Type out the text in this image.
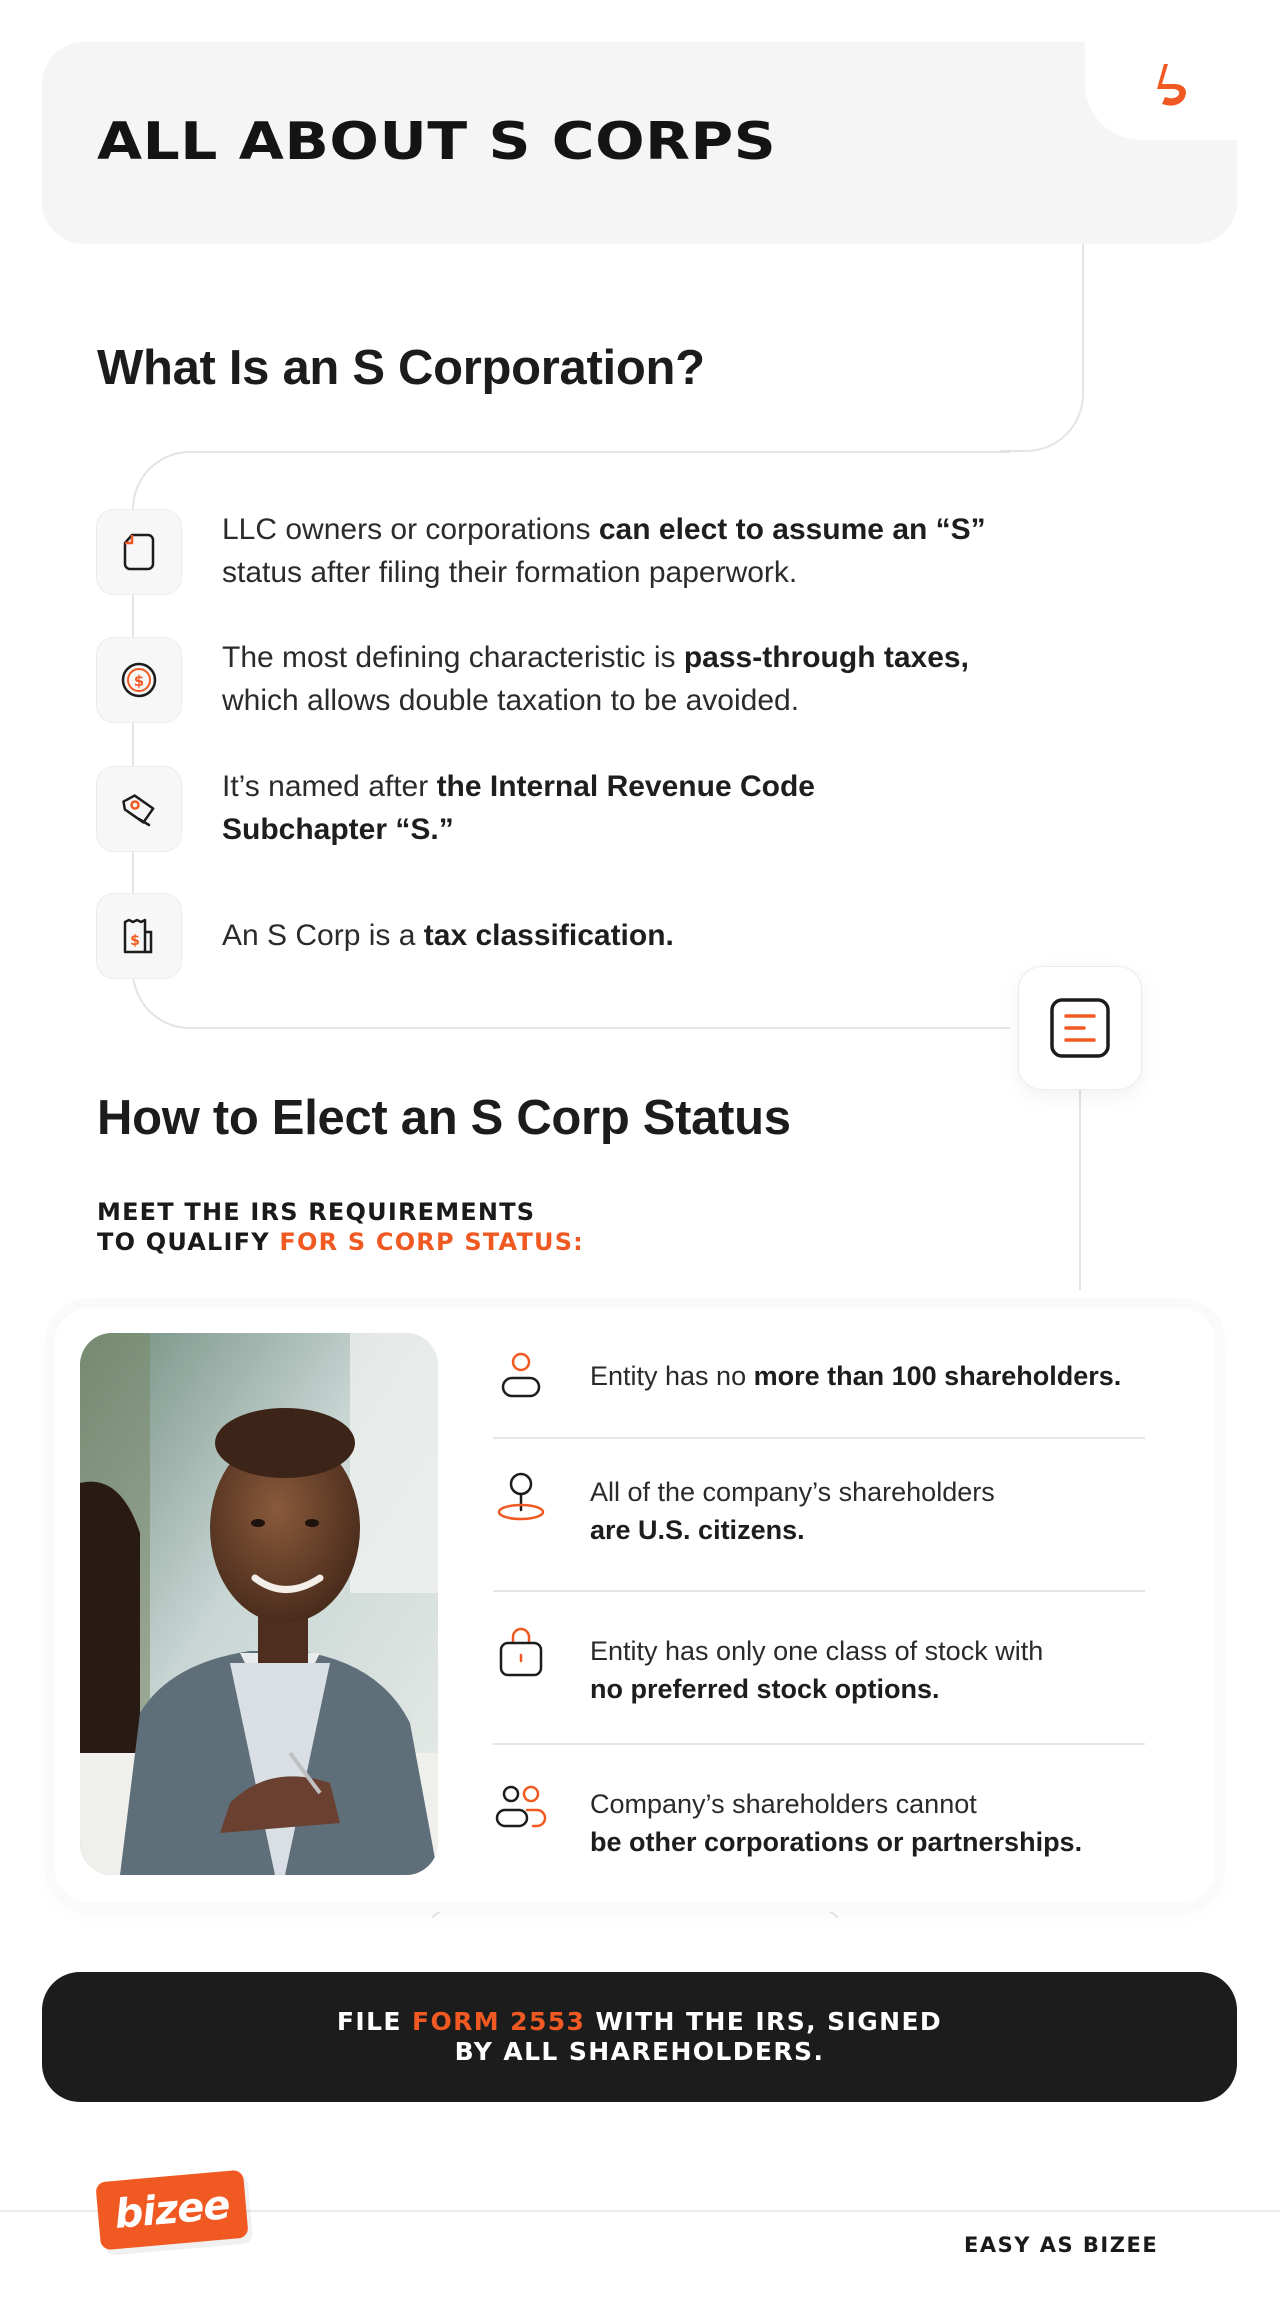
ALL ABOUT S CORPS
What Is an S Corporation?

LLC owners or corporations can elect to assume an “S” status after filing their formation paperwork.

$

The most defining characteristic is pass-through taxes, which allows double taxation to be avoided.

It’s named after the Internal Revenue Code Subchapter “S.”

$	An S Corp is a tax classification.

How to Elect an S Corp Status
MEET THE IRS REQUIREMENTS
TO QUALIFY FOR S CORP STATUS:

Entity has no more than 100 shareholders.

All of the company’s shareholders
are U.S. citizens.

Entity has only one class of stock with
no preferred stock options.

Company’s shareholders cannot
be other corporations or partnerships.

FILE FORM 2553 WITH THE IRS, SIGNED
BY ALL SHAREHOLDERS.
bizee
EASY AS BIZEE
